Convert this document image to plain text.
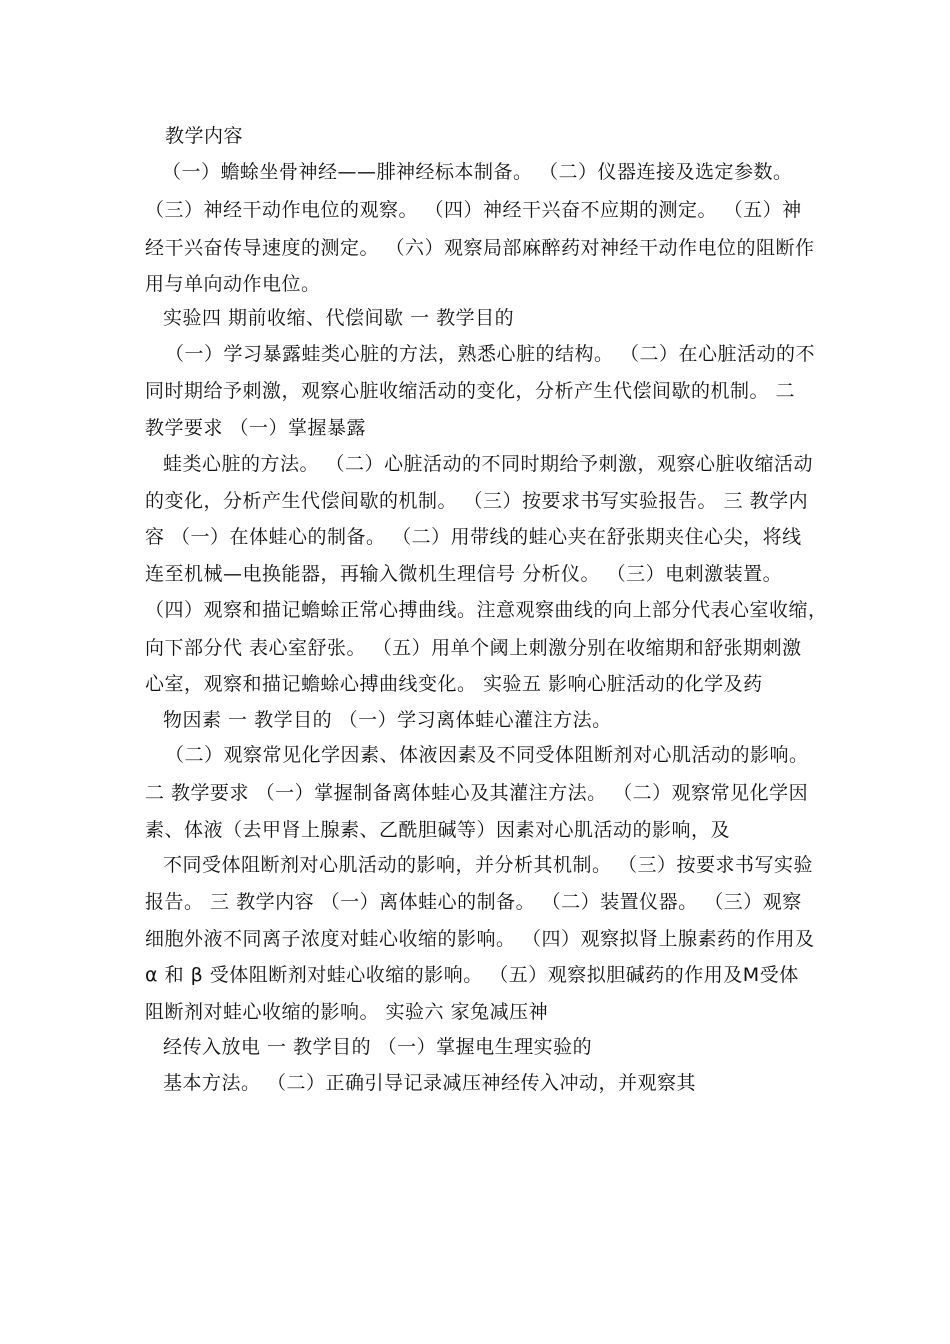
教学内容
（一）蟾蜍坐骨神经——腓神经标本制备。 （二）仪器连接及选定参数。
（三）神经干动作电位的观察。 （四）神经干兴奋不应期的测定。 （五）神
经干兴奋传导速度的测定。 （六）观察局部麻醉药对神经干动作电位的阻断作
用与单向动作电位。
实验四 期前收缩、代偿间歇 一 教学目的
（一）学习暴露蛙类心脏的方法，熟悉心脏的结构。 （二）在心脏活动的不
同时期给予刺激，观察心脏收缩活动的变化，分析产生代偿间歇的机制。 二
教学要求 （一）掌握暴露
蛙类心脏的方法。 （二）心脏活动的不同时期给予刺激，观察心脏收缩活动
的变化，分析产生代偿间歇的机制。 （三）按要求书写实验报告。 三 教学内
容 （一）在体蛙心的制备。 （二）用带线的蛙心夹在舒张期夹住心尖，将线
连至机械—电换能器，再输入微机生理信号 分析仪。 （三）电刺激装置。
（四）观察和描记蟾蜍正常心搏曲线。注意观察曲线的向上部分代表心室收缩，
向下部分代 表心室舒张。 （五）用单个阈上刺激分别在收缩期和舒张期刺激
心室，观察和描记蟾蜍心搏曲线变化。 实验五 影响心脏活动的化学及药
物因素 一 教学目的 （一）学习离体蛙心灌注方法。
（二）观察常见化学因素、体液因素及不同受体阻断剂对心肌活动的影响。
二 教学要求 （一）掌握制备离体蛙心及其灌注方法。 （二）观察常见化学因
素、体液（去甲肾上腺素、乙酰胆碱等）因素对心肌活动的影响，及
不同受体阻断剂对心肌活动的影响，并分析其机制。 （三）按要求书写实验
报告。 三 教学内容 （一）离体蛙心的制备。 （二）装置仪器。 （三）观察
细胞外液不同离子浓度对蛙心收缩的影响。 （四）观察拟肾上腺素药的作用及
α 和 β 受体阻断剂对蛙心收缩的影响。 （五）观察拟胆碱药的作用及M受体
阻断剂对蛙心收缩的影响。 实验六 家兔减压神
经传入放电 一 教学目的 （一）掌握电生理实验的
基本方法。 （二）正确引导记录减压神经传入冲动，并观察其
